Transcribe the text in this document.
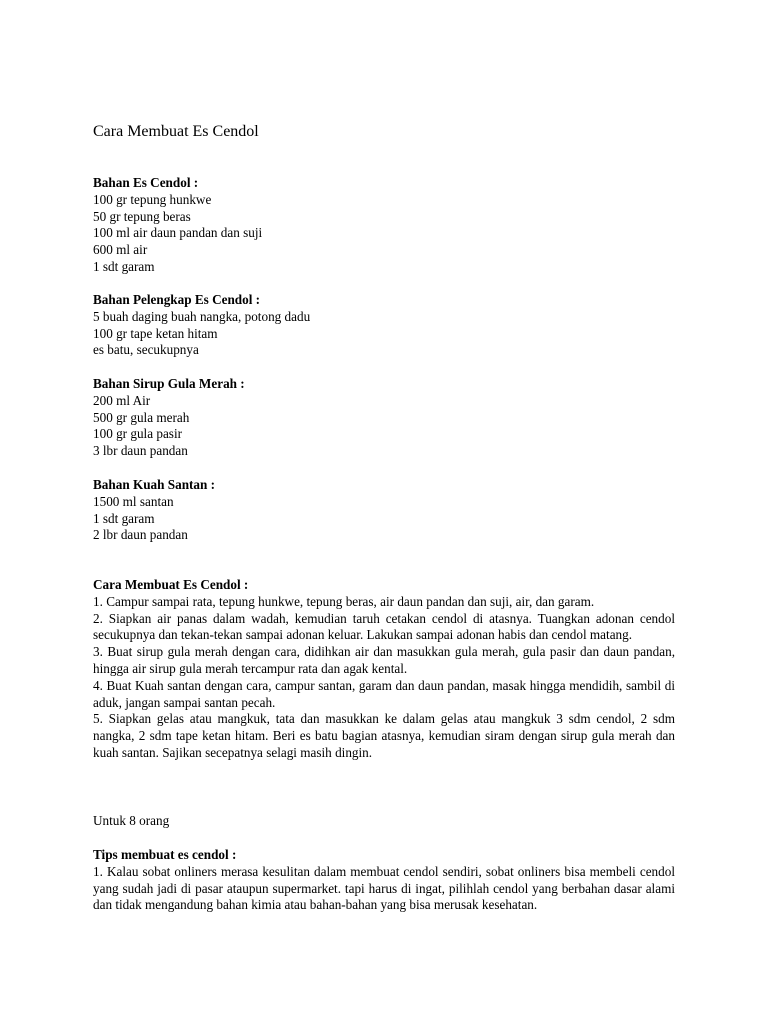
Cara Membuat Es Cendol
Bahan Es Cendol :
100 gr tepung hunkwe
50 gr tepung beras
100 ml air daun pandan dan suji
600 ml air
1 sdt garam
Bahan Pelengkap Es Cendol :
5 buah daging buah nangka, potong dadu
100 gr tape ketan hitam
es batu, secukupnya
Bahan Sirup Gula Merah :
200 ml Air
500 gr gula merah
100 gr gula pasir
3 lbr daun pandan
Bahan Kuah Santan :
1500 ml santan
1 sdt garam
2 lbr daun pandan
Cara Membuat Es Cendol :
1. Campur sampai rata, tepung hunkwe, tepung beras, air daun pandan dan suji, air, dan garam.
2. Siapkan air panas dalam wadah, kemudian taruh cetakan cendol di atasnya. Tuangkan adonan cendol secukupnya dan tekan-tekan sampai adonan keluar. Lakukan sampai adonan habis dan cendol matang.
3. Buat sirup gula merah dengan cara, didihkan air dan masukkan gula merah, gula pasir dan daun pandan, hingga air sirup gula merah tercampur rata dan agak kental.
4. Buat Kuah santan dengan cara, campur santan, garam dan daun pandan, masak hingga mendidih, sambil di aduk, jangan sampai santan pecah.
5. Siapkan gelas atau mangkuk, tata dan masukkan ke dalam gelas atau mangkuk 3 sdm cendol, 2 sdm nangka, 2 sdm tape ketan hitam. Beri es batu bagian atasnya, kemudian siram dengan sirup gula merah dan kuah santan. Sajikan secepatnya selagi masih dingin.
Untuk 8 orang
Tips membuat es cendol :
1. Kalau sobat onliners merasa kesulitan dalam membuat cendol sendiri, sobat onliners bisa membeli cendol yang sudah jadi di pasar ataupun supermarket. tapi harus di ingat, pilihlah cendol yang berbahan dasar alami dan tidak mengandung bahan kimia atau bahan-bahan yang bisa merusak kesehatan.
